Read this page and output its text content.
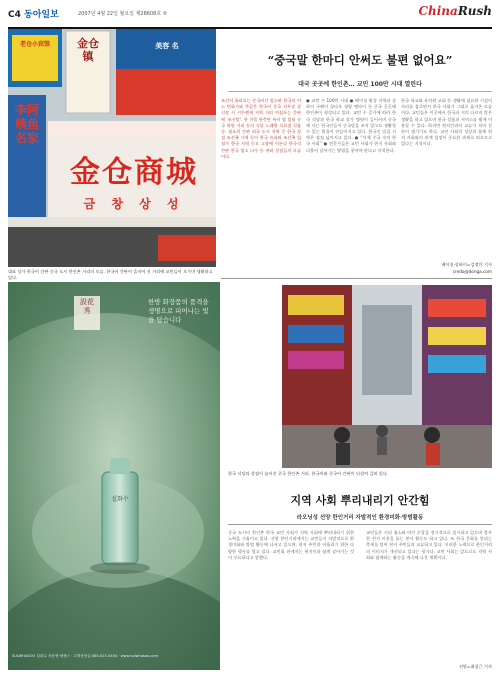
C4 동아일보	2007년 4월 22일 월요일 제28608호 ⑤	ChinaRush
老仓小宾馆	金仓镇
美容 名
李阿姨鱼名家
金仓商城
금 창 상 성
대표 상가 한국어 간판 중국 도시 한인촌 거리의 모습. 한국어 간판이 줄지어 선 거리에 교민들이 오가며 생활하고 있다.
“중국말 한마디 안써도 불편 없어요”
대국 곳곳에 한인촌… 교민 100만 시대 열린다
조선어 흘러오는 중국어간 업소판 한국의 어느 번화가와 똑같은 한국어 중국 지우상 상 신장 시 시투렌세 지역 거리 여점포는 간판에 '조선말'. 한 건물 한층만 특이 옆 빌딩 중국 학원 거리 등의 식당 노래방 식료점 식품 등. 점포의 간판 외국 도시 지역 중 한국 상점 조선족 가게 등이 한국 슈퍼와 조선족 입점가 한국 지역 동포 고향에 이른다 한국식 간판 한국 업소 다수 등 여러 상점들의 모습이다.
● 교민 수 100만 시대 ● 베이징 왕징 지역과 상하이 구베이 칭다오 청양 옌타이 등 중국 곳곳에 한인촌이 형성되고 있다. 교민 수 증가에 따라 한국 식당과 한국 학교 상가 병원이 들어서며 중국에 사는 한국인들이 중국말을 쓰지 않고도 생활할 수 있는 환경이 만들어지고 있다. 한국인 밀집 지역은 점점 넓어지고 있다. ● “이제 중국 속의 한국 사회” ● 전문가들은 교민 사회가 현지 사회와 더불어 살아가는 방법을 찾아야 한다고 지적한다.
한국 학교와 유치원 교회 등 생활에 필요한 시설이 자리를 잡으면서 한국 사회가 그대로 옮겨온 모습이다. 교민들은 이곳에서 한국과 거의 다르지 않은 생활을 하고 있으며 한국 상품과 서비스를 쉽게 이용할 수 있다. 하지만 현지인과의 교류가 적어 갈등이 생기기도 한다. 교민 사회의 성장과 함께 현지 사회와의 관계 설정이 중요한 과제로 떠오르고 있다는 지적이다.
베이징·상하이=김정안 기자
credo@donga.com
設花秀
한방 화장품의 품격을 생명으로 피어나는 빛을 담습니다
설화수
SULWHASOO 설화수 자음생 에센스 · 고객상담실 080-023-5454 · www.sulwhasoo.com
한국 식당과 상점이 늘어선 중국 한인촌 거리. 한국어와 중국어 간판이 뒤섞여 걸려 있다.
지역 사회 뿌리내리기 안간힘
라오닝성 선양 한인거리 자발적인 환경미화·방범활동
중국 도시의 한인촌 한국 교민 사회가 지역 사회에 뿌리내리기 위한 노력을 기울이고 있다. 선양 한인거리에서는 교민들이 자발적으로 환경미화와 방범 활동에 나서고 있으며, 현지 주민과 어울리기 위한 다양한 행사를 열고 있다. 교민회 관계자는 현지인과 함께 살아가는 것이 중요하다고 말했다.
교민들은 거리 청소와 야간 순찰을 정기적으로 실시하고 있으며 불우한 현지 이웃을 돕는 봉사 활동도 하고 있다. 또 한국 문화를 알리는 축제를 열어 현지 주민들과 교류하고 있다. 이러한 노력으로 한인거리의 이미지가 개선되고 있다는 평가다. 교민 사회는 앞으로도 지역 사회와 함께하는 활동을 계속해 나갈 계획이다.
선양=최창근 기자
